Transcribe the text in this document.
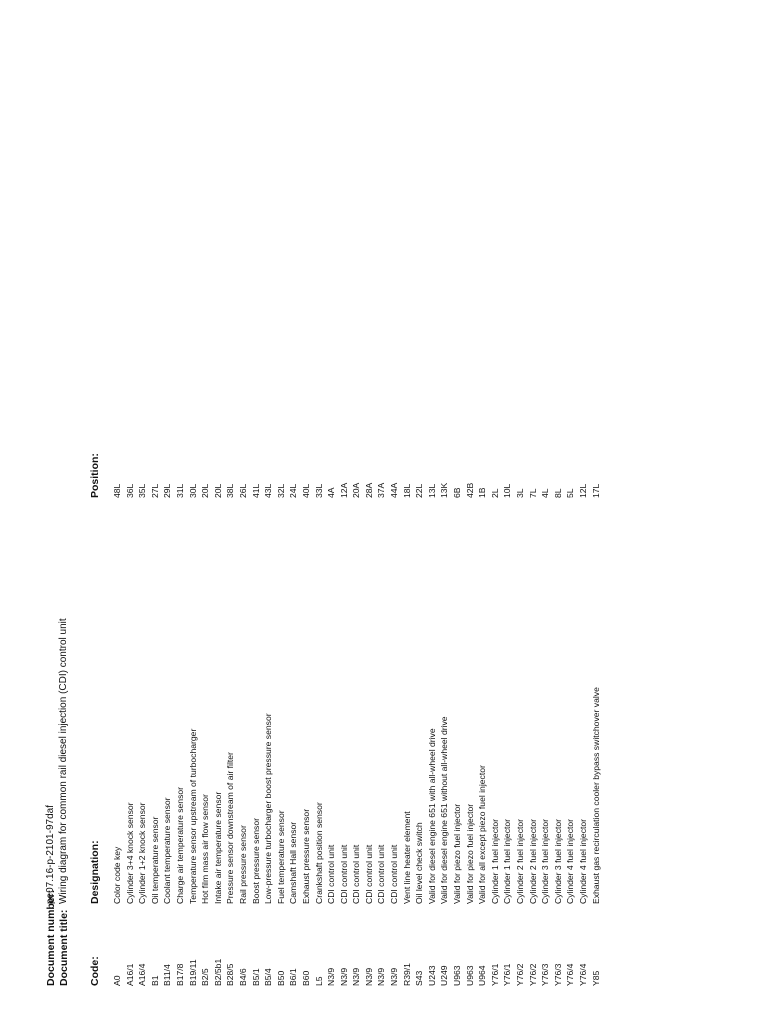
Document number:
pe07.16-p-2101-97daf
Document title:
Wiring diagram for common rail diesel injection (CDI) control unit
Code:
Designation:
Position:
A0
Color code key
48L
A16/1
Cylinder 3+4 knock sensor
36L
A16/4
Cylinder 1+2 knock sensor
35L
B1
Oil temperature sensor
27L
B11/4
Coolant temperature sensor
29L
B17/8
Charge air temperature sensor
31L
B19/11
Temperature sensor upstream of turbocharger
30L
B2/5
Hot film mass air flow sensor
20L
B2/5b1
Intake air temperature sensor
20L
B28/5
Pressure sensor downstream of air filter
38L
B4/6
Rail pressure sensor
26L
B5/1
Boost pressure sensor
41L
B5/4
Low-pressure turbocharger boost pressure sensor
43L
B50
Fuel temperature sensor
32L
B6/1
Camshaft Hall sensor
24L
B60
Exhaust pressure sensor
40L
L5
Crankshaft position sensor
33L
N3/9
CDI control unit
4A
N3/9
CDI control unit
12A
N3/9
CDI control unit
20A
N3/9
CDI control unit
28A
N3/9
CDI control unit
37A
N3/9
CDI control unit
44A
R39/1
Vent line heater element
18L
S43
Oil level check switch
22L
U243
Valid for diesel engine 651 with all-wheel drive
13L
U249
Valid for diesel engine 651 without all-wheel drive
13K
U963
Valid for piezo fuel injector
6B
U963
Valid for piezo fuel injector
42B
U964
Valid for all except piezo fuel injector
1B
Y76/1
Cylinder 1 fuel injector
2L
Y76/1
Cylinder 1 fuel injector
10L
Y76/2
Cylinder 2 fuel injector
3L
Y76/2
Cylinder 2 fuel injector
7L
Y76/3
Cylinder 3 fuel injector
4L
Y76/3
Cylinder 3 fuel injector
8L
Y76/4
Cylinder 4 fuel injector
5L
Y76/4
Cylinder 4 fuel injector
12L
Y85
Exhaust gas recirculation cooler bypass switchover valve
17L
